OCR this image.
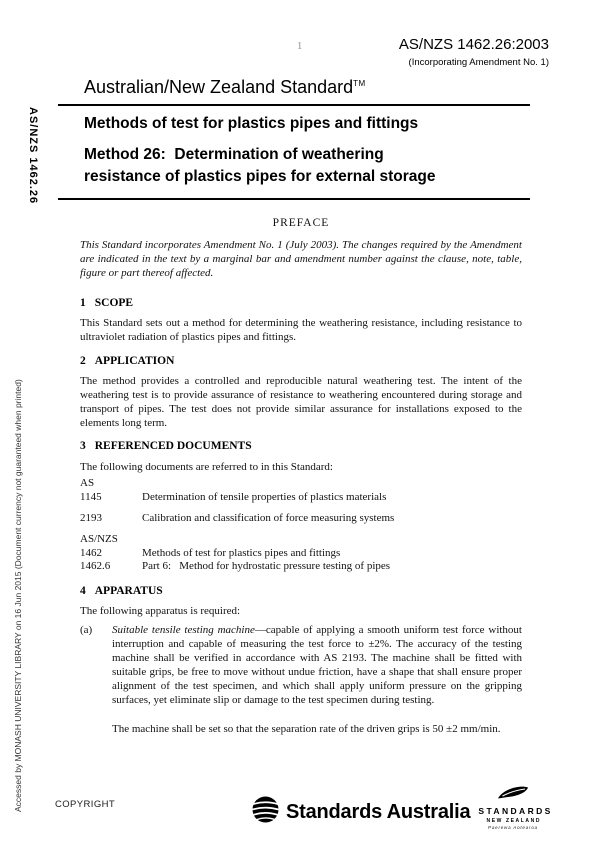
AS/NZS 1462.26
Accessed by MONASH UNIVERSITY LIBRARY on 16 Jun 2015 (Document currency not guaranteed when printed)
1	AS/NZS 1462.26:2003
(Incorporating Amendment No. 1)
Australian/New Zealand Standard™
Methods of test for plastics pipes and fittings
Method 26:  Determination of weathering
resistance of plastics pipes for external storage
PREFACE
This Standard incorporates Amendment No. 1 (July 2003). The changes required by the Amendment are indicated in the text by a marginal bar and amendment number against the clause, note, table, figure or part thereof affected.
1 SCOPE
This Standard sets out a method for determining the weathering resistance, including resistance to ultraviolet radiation of plastics pipes and fittings.
2 APPLICATION
The method provides a controlled and reproducible natural weathering test. The intent of the weathering test is to provide assurance of resistance to weathering encountered during storage and transport of pipes. The test does not provide similar assurance for installations exposed to the elements long term.
3 REFERENCED DOCUMENTS
The following documents are referred to in this Standard:
AS
1145	Determination of tensile properties of plastics materials
2193	Calibration and classification of force measuring systems
AS/NZS
1462	Methods of test for plastics pipes and fittings
1462.6	Part 6:   Method for hydrostatic pressure testing of pipes
4 APPARATUS
The following apparatus is required:
(a)	Suitable tensile testing machine—capable of applying a smooth uniform test force without interruption and capable of measuring the test force to ±2%. The accuracy of the testing machine shall be verified in accordance with AS 2193. The machine shall be fitted with suitable grips, be free to move without undue friction, have a shape that shall ensure proper alignment of the test specimen, and which shall apply uniform pressure on the gripping surfaces, yet eliminate slip or damage to the test specimen during testing.
The machine shall be set so that the separation rate of the driven grips is 50 ±2 mm/min.
COPYRIGHT	Standards Australia STANDARDS
NEW ZEALAND
Paerewa Aotearoa
